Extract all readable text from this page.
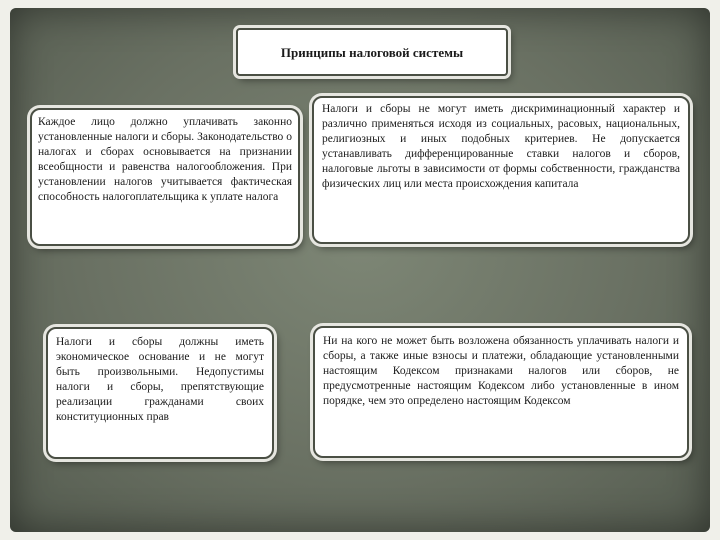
Принципы налоговой системы
Каждое лицо должно уплачивать законно установленные налоги и сборы. Законодательство о налогах и сборах основывается на признании всеобщности и равенства налогообложения. При установлении налогов учитывается фактическая способность налогоплательщика к уплате налога
Налоги и сборы не могут иметь дискриминационный характер и различно применяться исходя из социальных, расовых, национальных, религиозных и иных подобных критериев. Не допускается устанавливать дифференцированные ставки налогов и сборов, налоговые льготы в зависимости от формы собственности, гражданства физических лиц или места происхождения капитала
Налоги и сборы должны иметь экономическое основание и не могут быть произвольными. Недопустимы налоги и сборы, препятствующие реализации гражданами своих конституционных прав
Ни на кого не может быть возложена обязанность уплачивать налоги и сборы, а также иные взносы и платежи, обладающие установленными настоящим Кодексом признаками налогов или сборов, не предусмотренные настоящим Кодексом либо установленные в ином порядке, чем это определено настоящим Кодексом
